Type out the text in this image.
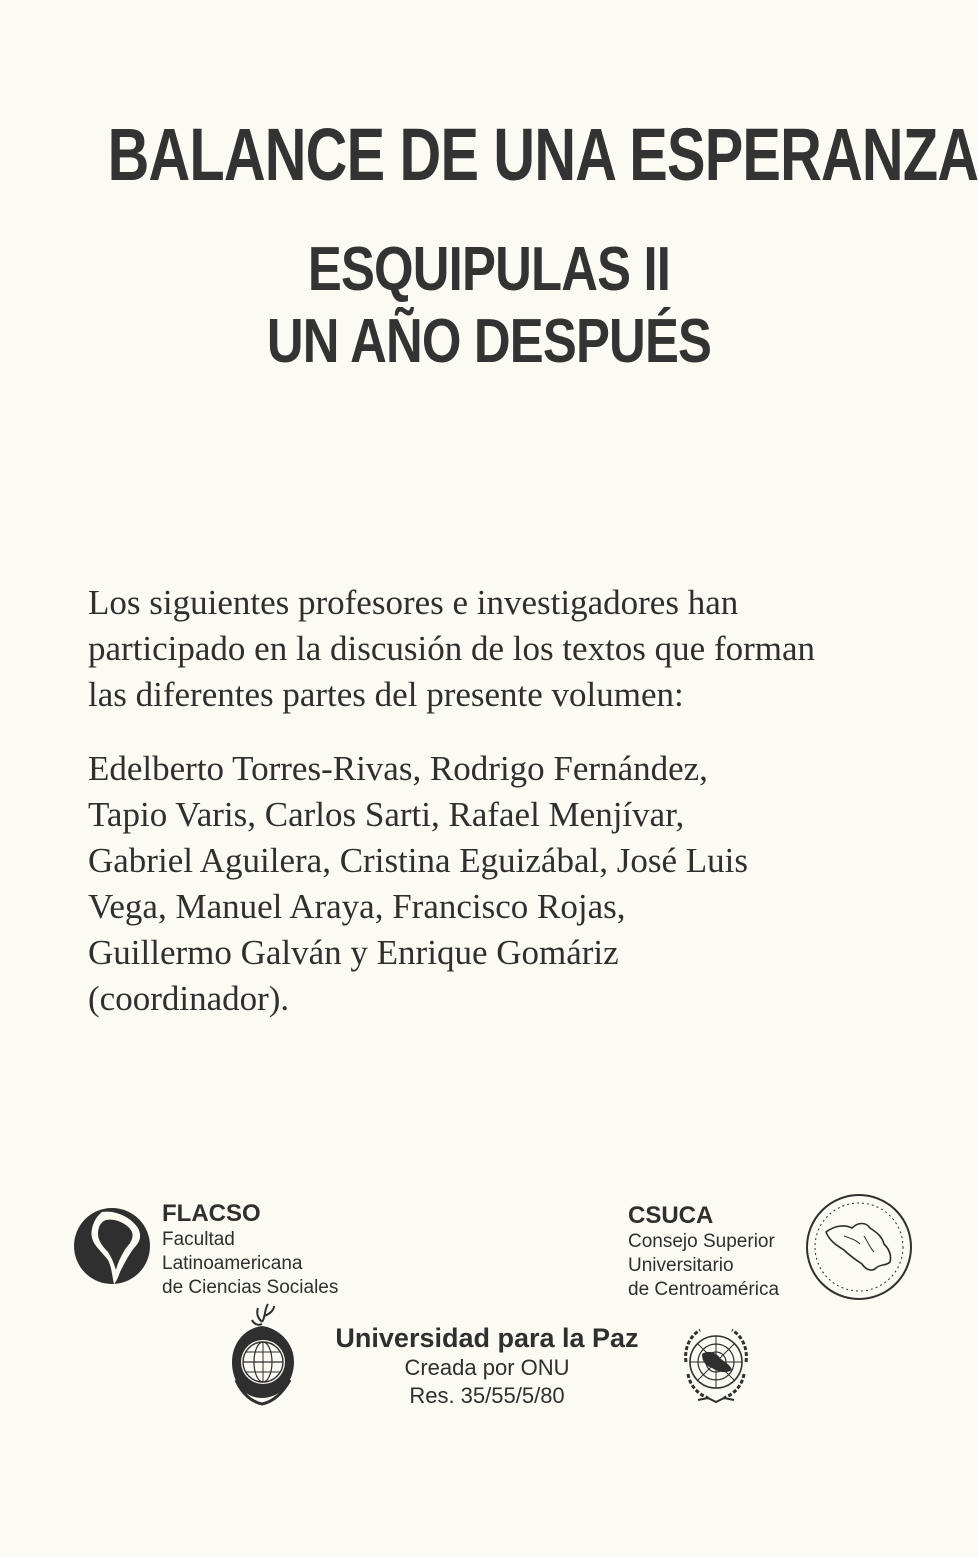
BALANCE DE UNA ESPERANZA
ESQUIPULAS II
UN AÑO DESPUÉS
Los siguientes profesores e investigadores han
participado en la discusión de los textos que forman
las diferentes partes del presente volumen:
Edelberto Torres-Rivas, Rodrigo Fernández,
Tapio Varis, Carlos Sarti, Rafael Menjívar,
Gabriel Aguilera, Cristina Eguizábal, José Luis
Vega, Manuel Araya, Francisco Rojas,
Guillermo Galván y Enrique Gomáriz
(coordinador).
FLACSO
Facultad
Latinoamericana
de Ciencias Sociales
CSUCA
Consejo Superior
Universitario
de Centroamérica
Universidad para la Paz
Creada por ONU
Res. 35/55/5/80
